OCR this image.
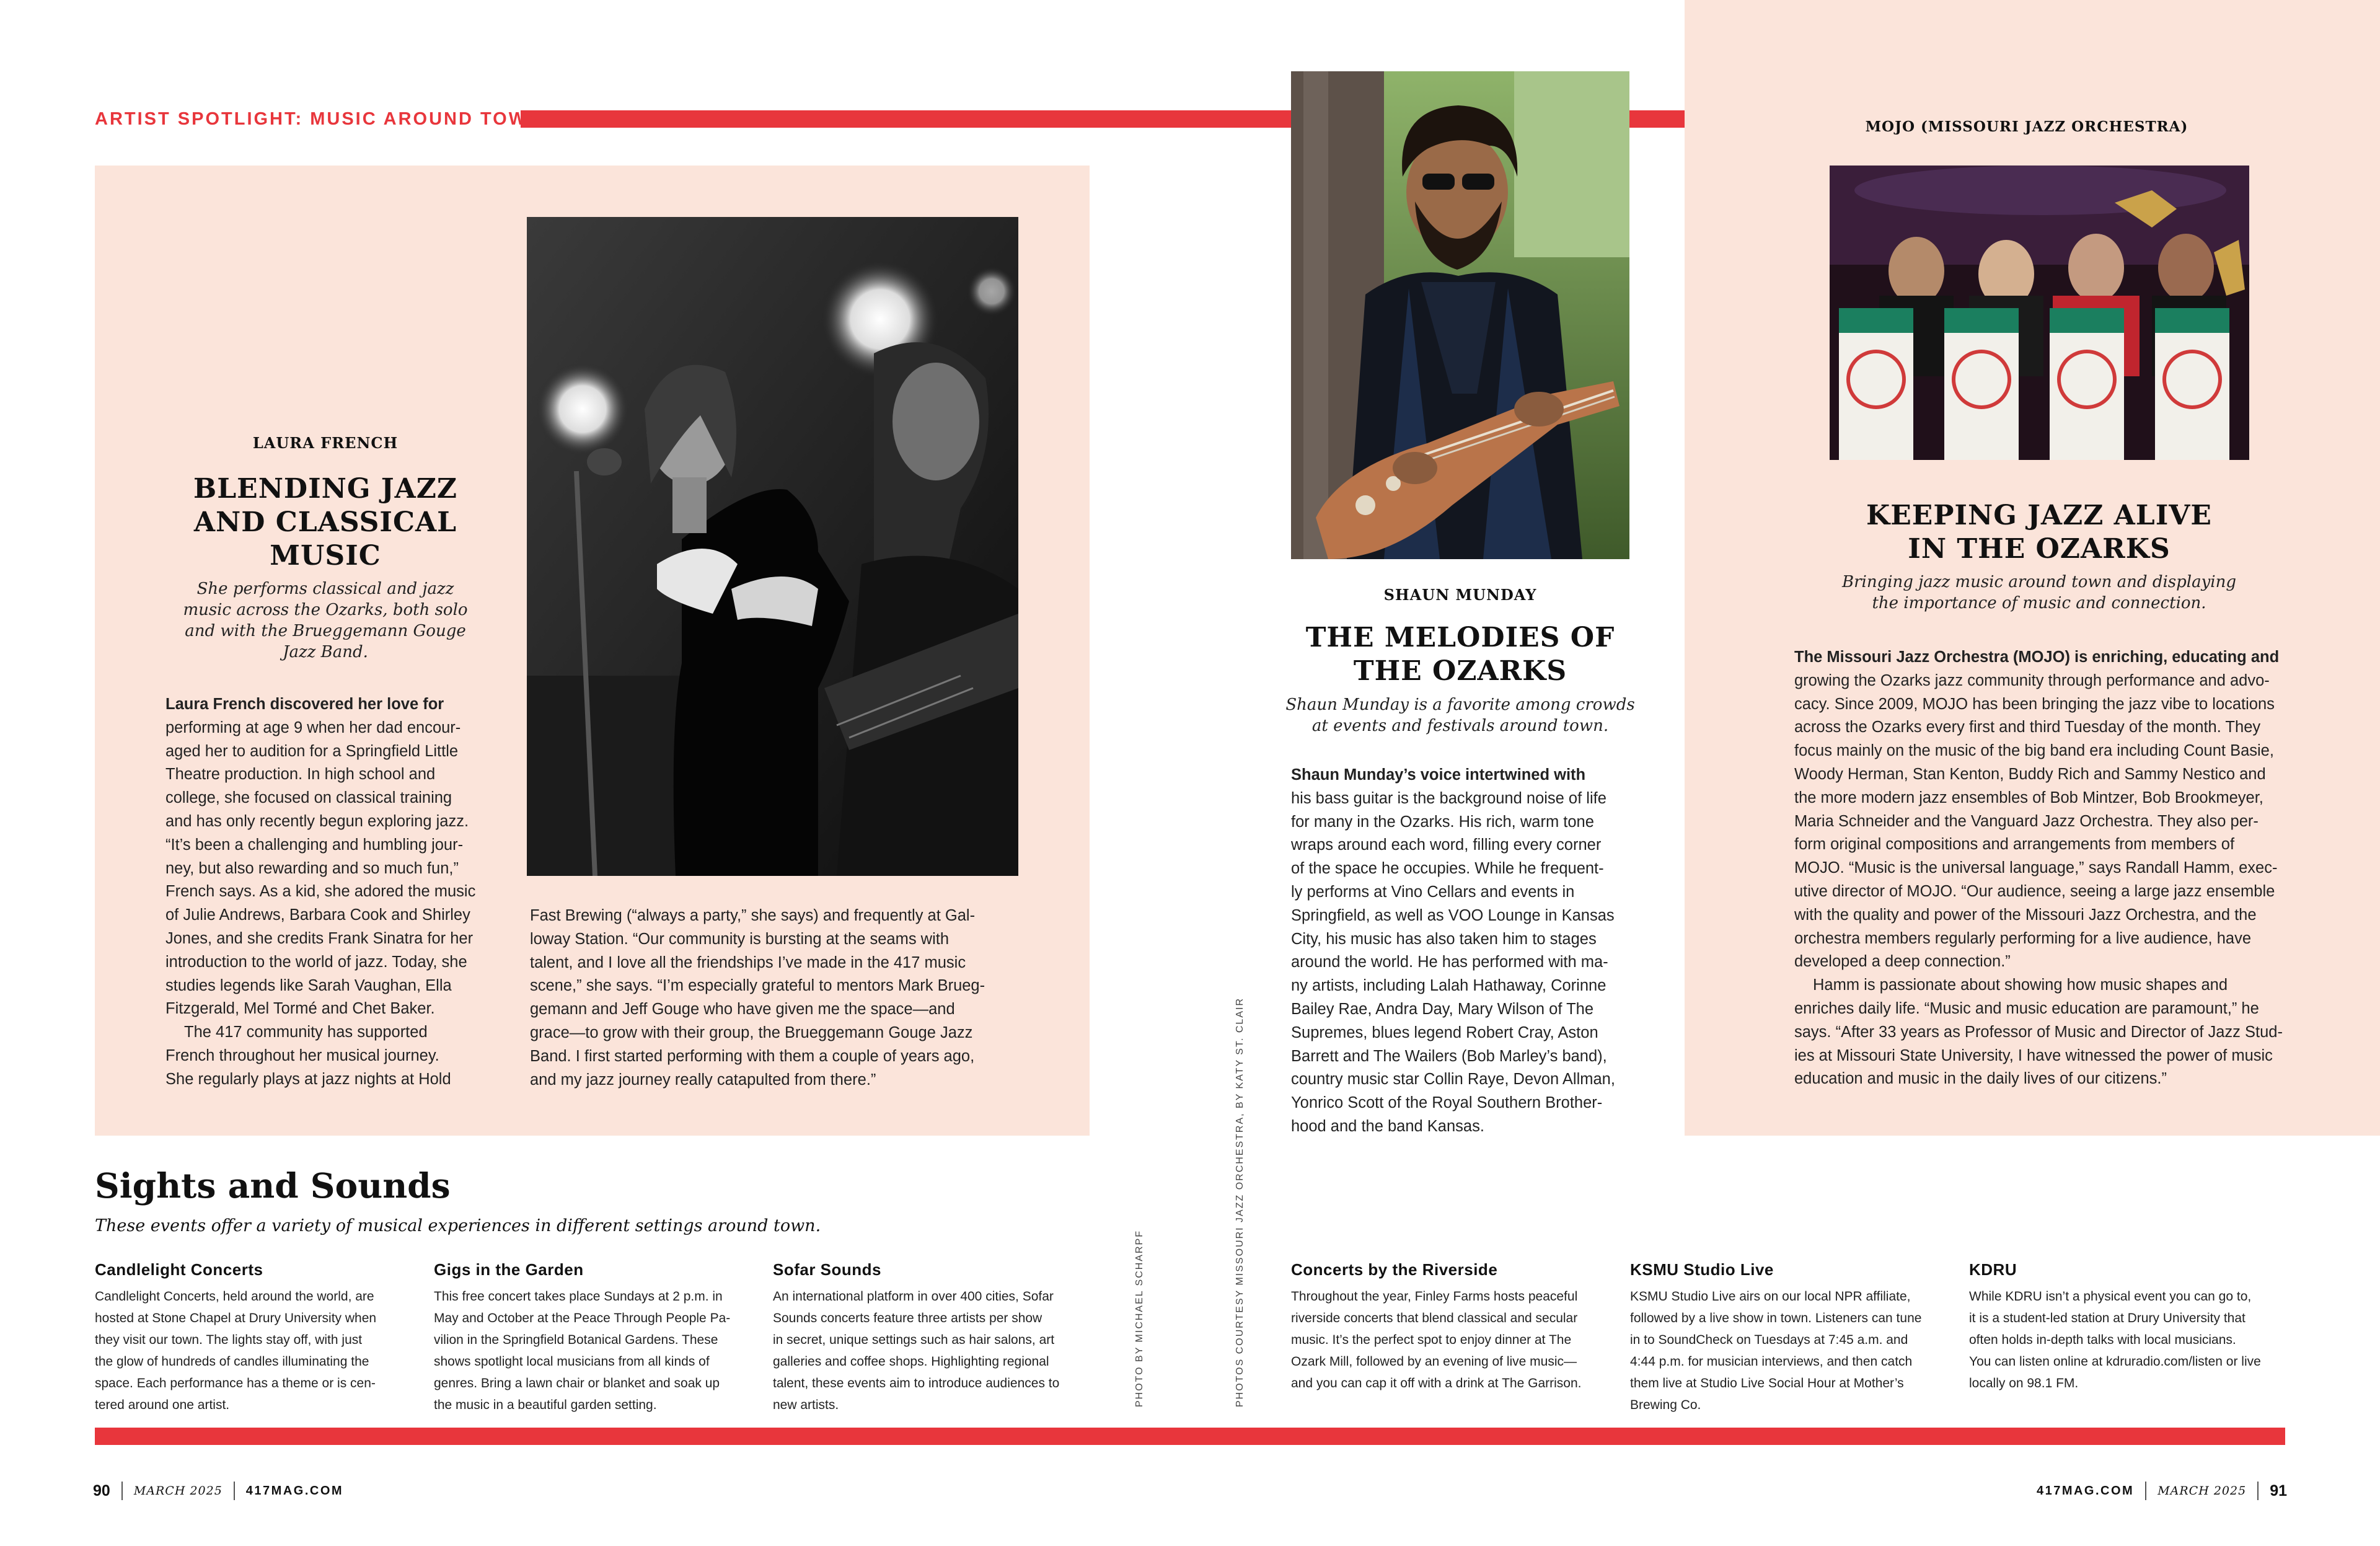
ARTIST SPOTLIGHT: MUSIC AROUND TOWN
LAURA FRENCH
BLENDING JAZZ
AND CLASSICAL
MUSIC
She performs classical and jazz
music across the Ozarks, both solo
and with the Brueggemann Gouge
Jazz Band.
Laura French discovered her love for
performing at age 9 when her dad encour-
aged her to audition for a Springfield Little
Theatre production. In high school and
college, she focused on classical training
and has only recently begun exploring jazz.
“It’s been a challenging and humbling jour-
ney, but also rewarding and so much fun,”
French says. As a kid, she adored the music
of Julie Andrews, Barbara Cook and Shirley
Jones, and she credits Frank Sinatra for her
introduction to the world of jazz. Today, she
studies legends like Sarah Vaughan, Ella
Fitzgerald, Mel Tormé and Chet Baker.
The 417 community has supported
French throughout her musical journey.
She regularly plays at jazz nights at Hold
Fast Brewing (“always a party,” she says) and frequently at Gal-
loway Station. “Our community is bursting at the seams with
talent, and I love all the friendships I’ve made in the 417 music
scene,” she says. “I’m especially grateful to mentors Mark Brueg-
gemann and Jeff Gouge who have given me the space—and
grace—to grow with their group, the Brueggemann Gouge Jazz
Band. I first started performing with them a couple of years ago,
and my jazz journey really catapulted from there.”
SHAUN MUNDAY
THE MELODIES OF
THE OZARKS
Shaun Munday is a favorite among crowds
at events and festivals around town.
Shaun Munday’s voice intertwined with
his bass guitar is the background noise of life
for many in the Ozarks. His rich, warm tone
wraps around each word, filling every corner
of the space he occupies. While he frequent-
ly performs at Vino Cellars and events in
Springfield, as well as VOO Lounge in Kansas
City, his music has also taken him to stages
around the world. He has performed with ma-
ny artists, including Lalah Hathaway, Corinne
Bailey Rae, Andra Day, Mary Wilson of The
Supremes, blues legend Robert Cray, Aston
Barrett and The Wailers (Bob Marley’s band),
country music star Collin Raye, Devon Allman,
Yonrico Scott of the Royal Southern Brother-
hood and the band Kansas.
MOJO (MISSOURI JAZZ ORCHESTRA)
KEEPING JAZZ ALIVE
IN THE OZARKS
Bringing jazz music around town and displaying
the importance of music and connection.
The Missouri Jazz Orchestra (MOJO) is enriching, educating and
growing the Ozarks jazz community through performance and advo-
cacy. Since 2009, MOJO has been bringing the jazz vibe to locations
across the Ozarks every first and third Tuesday of the month. They
focus mainly on the music of the big band era including Count Basie,
Woody Herman, Stan Kenton, Buddy Rich and Sammy Nestico and
the more modern jazz ensembles of Bob Mintzer, Bob Brookmeyer,
Maria Schneider and the Vanguard Jazz Orchestra. They also per-
form original compositions and arrangements from members of
MOJO. “Music is the universal language,” says Randall Hamm, exec-
utive director of MOJO. “Our audience, seeing a large jazz ensemble
with the quality and power of the Missouri Jazz Orchestra, and the
orchestra members regularly performing for a live audience, have
developed a deep connection.”
Hamm is passionate about showing how music shapes and
enriches daily life. “Music and music education are paramount,” he
says. “After 33 years as Professor of Music and Director of Jazz Stud-
ies at Missouri State University, I have witnessed the power of music
education and music in the daily lives of our citizens.”
PHOTO BY MICHAEL SCHARPF	PHOTOS COURTESY MISSOURI JAZZ ORCHESTRA, BY KATY ST. CLAIR
Sights and Sounds
These events offer a variety of musical experiences in different settings around town.
Candlelight Concerts
Candlelight Concerts, held around the world, are
hosted at Stone Chapel at Drury University when
they visit our town. The lights stay off, with just
the glow of hundreds of candles illuminating the
space. Each performance has a theme or is cen-
tered around one artist.
Gigs in the Garden
This free concert takes place Sundays at 2 p.m. in
May and October at the Peace Through People Pa-
vilion in the Springfield Botanical Gardens. These
shows spotlight local musicians from all kinds of
genres. Bring a lawn chair or blanket and soak up
the music in a beautiful garden setting.
Sofar Sounds
An international platform in over 400 cities, Sofar
Sounds concerts feature three artists per show
in secret, unique settings such as hair salons, art
galleries and coffee shops. Highlighting regional
talent, these events aim to introduce audiences to
new artists.
Concerts by the Riverside
Throughout the year, Finley Farms hosts peaceful
riverside concerts that blend classical and secular
music. It’s the perfect spot to enjoy dinner at The
Ozark Mill, followed by an evening of live music—
and you can cap it off with a drink at The Garrison.
KSMU Studio Live
KSMU Studio Live airs on our local NPR affiliate,
followed by a live show in town. Listeners can tune
in to SoundCheck on Tuesdays at 7:45 a.m. and
4:44 p.m. for musician interviews, and then catch
them live at Studio Live Social Hour at Mother’s
Brewing Co.
KDRU
While KDRU isn’t a physical event you can go to,
it is a student-led station at Drury University that
often holds in-depth talks with local musicians.
You can listen online at kdruradio.com/listen or live
locally on 98.1 FM.
90 MARCH 2025 417MAG.COM	417MAG.COM MARCH 2025 91
